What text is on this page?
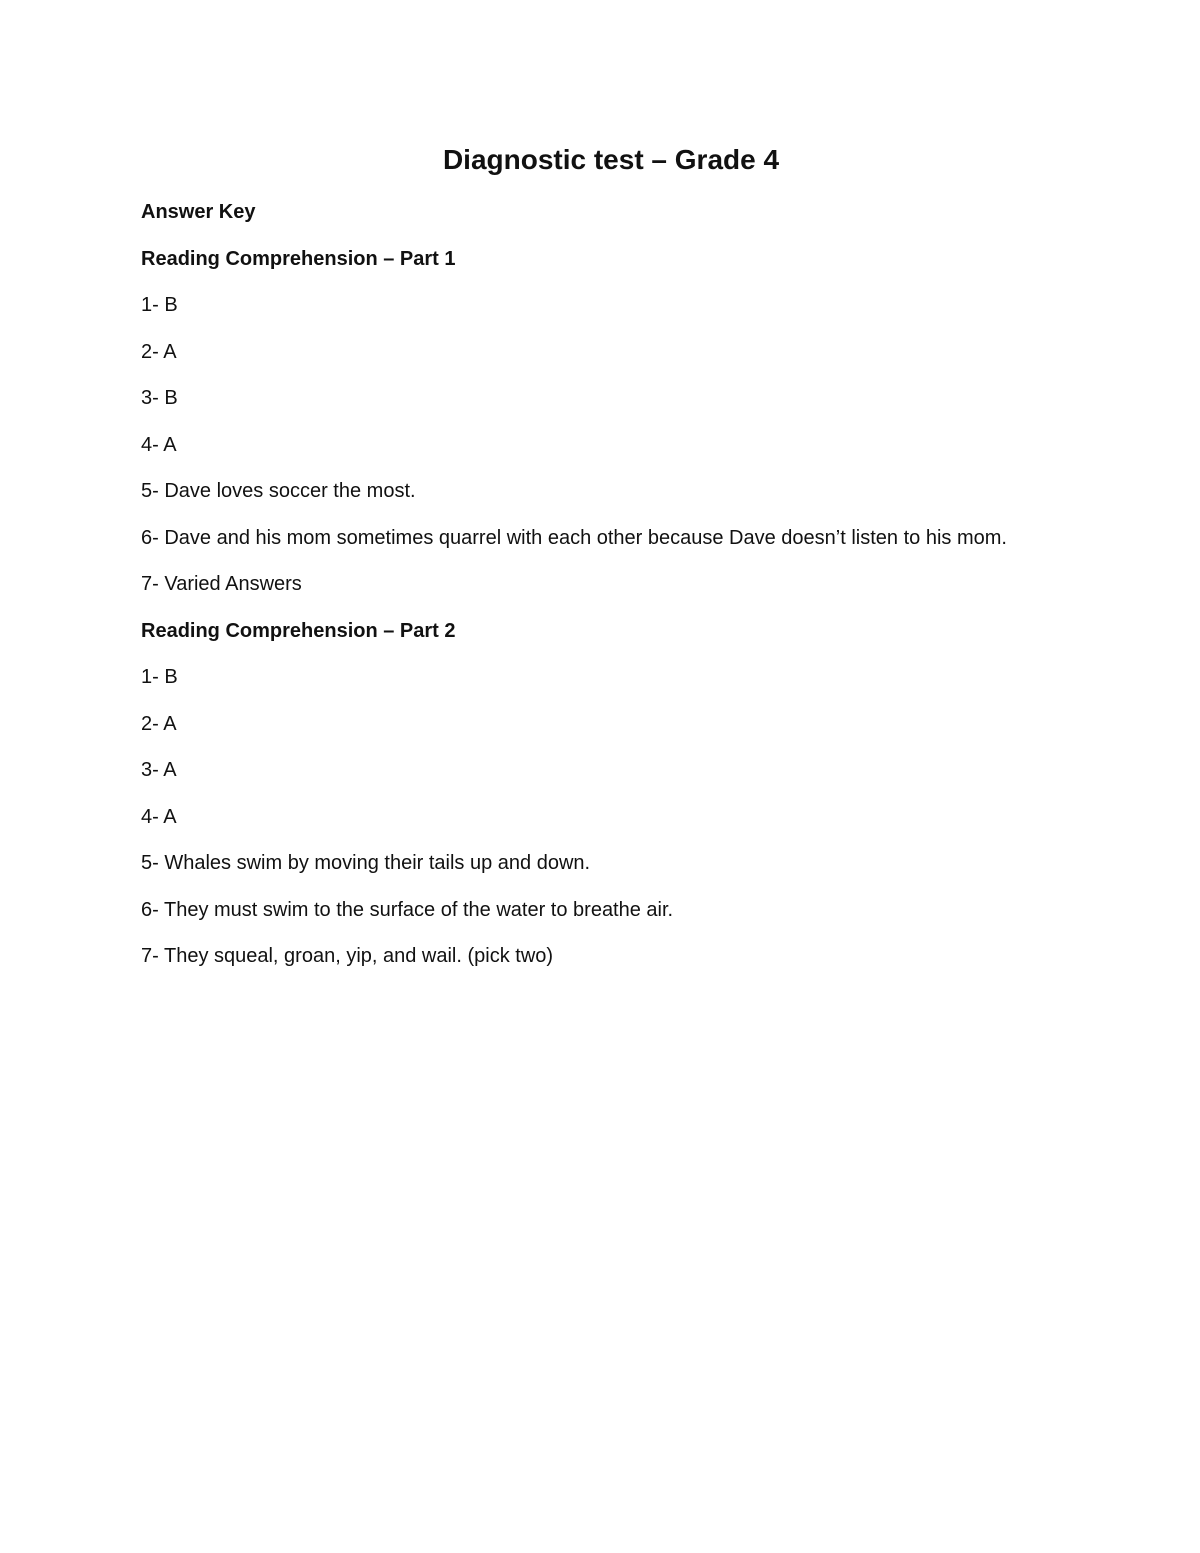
Diagnostic test – Grade 4

Answer Key

Reading Comprehension – Part 1

1- B

2- A

3- B

4- A

5- Dave loves soccer the most.

6- Dave and his mom sometimes quarrel with each other because Dave doesn’t listen to his mom.

7- Varied Answers

Reading Comprehension – Part 2

1- B

2- A

3- A

4- A

5- Whales swim by moving their tails up and down.

6- They must swim to the surface of the water to breathe air.

7- They squeal, groan, yip, and wail. (pick two)
